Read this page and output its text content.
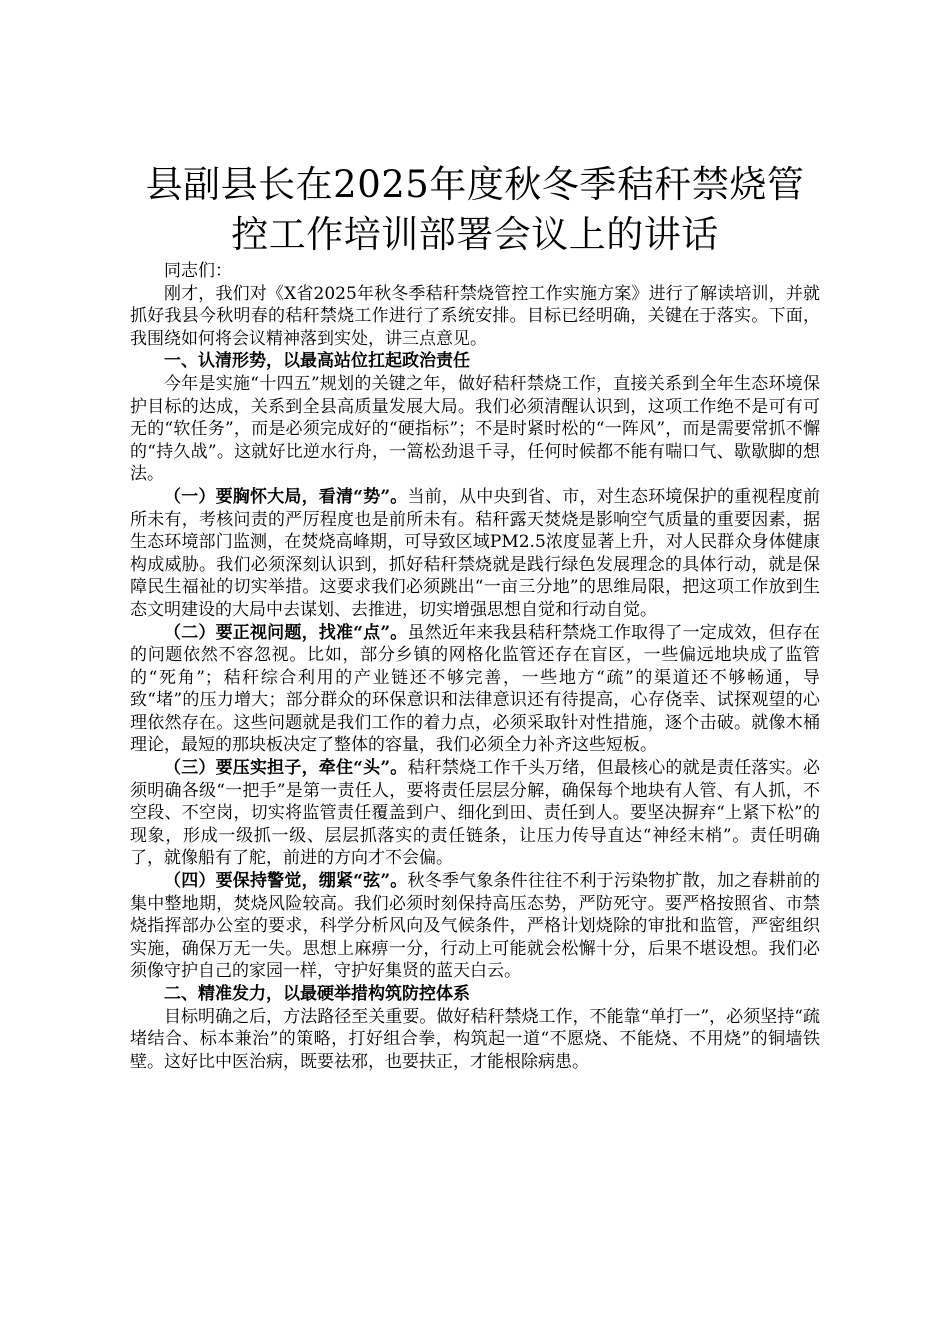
县副县长在2025年度秋冬季秸秆禁烧管控工作培训部署会议上的讲话

同志们：

刚才，我们对《X省2025年秋冬季秸秆禁烧管控工作实施方案》进行了解读培训，并就抓好我县今秋明春的秸秆禁烧工作进行了系统安排。目标已经明确，关键在于落实。下面，我围绕如何将会议精神落到实处，讲三点意见。

一、认清形势，以最高站位扛起政治责任

今年是实施“十四五”规划的关键之年，做好秸秆禁烧工作，直接关系到全年生态环境保护目标的达成，关系到全县高质量发展大局。我们必须清醒认识到，这项工作绝不是可有可无的“软任务”，而是必须完成好的“硬指标”；不是时紧时松的“一阵风”，而是需要常抓不懈的“持久战”。这就好比逆水行舟，一篙松劲退千寻，任何时候都不能有喘口气、歇歇脚的想法。

（一）要胸怀大局，看清“势”。当前，从中央到省、市，对生态环境保护的重视程度前所未有，考核问责的严厉程度也是前所未有。秸秆露天焚烧是影响空气质量的重要因素，据生态环境部门监测，在焚烧高峰期，可导致区域PM2.5浓度显著上升，对人民群众身体健康构成威胁。我们必须深刻认识到，抓好秸秆禁烧就是践行绿色发展理念的具体行动，就是保障民生福祉的切实举措。这要求我们必须跳出“一亩三分地”的思维局限，把这项工作放到生态文明建设的大局中去谋划、去推进，切实增强思想自觉和行动自觉。

（二）要正视问题，找准“点”。虽然近年来我县秸秆禁烧工作取得了一定成效，但存在的问题依然不容忽视。比如，部分乡镇的网格化监管还存在盲区，一些偏远地块成了监管的“死角”；秸秆综合利用的产业链还不够完善，一些地方“疏”的渠道还不够畅通，导致“堵”的压力增大；部分群众的环保意识和法律意识还有待提高，心存侥幸、试探观望的心理依然存在。这些问题就是我们工作的着力点，必须采取针对性措施，逐个击破。就像木桶理论，最短的那块板决定了整体的容量，我们必须全力补齐这些短板。

（三）要压实担子，牵住“头”。秸秆禁烧工作千头万绪，但最核心的就是责任落实。必须明确各级“一把手”是第一责任人，要将责任层层分解，确保每个地块有人管、有人抓，不空段、不空岗，切实将监管责任覆盖到户、细化到田、责任到人。要坚决摒弃“上紧下松”的现象，形成一级抓一级、层层抓落实的责任链条，让压力传导直达“神经末梢”。责任明确了，就像船有了舵，前进的方向才不会偏。

（四）要保持警觉，绷紧“弦”。秋冬季气象条件往往不利于污染物扩散，加之春耕前的集中整地期，焚烧风险较高。我们必须时刻保持高压态势，严防死守。要严格按照省、市禁烧指挥部办公室的要求，科学分析风向及气候条件，严格计划烧除的审批和监管，严密组织实施，确保万无一失。思想上麻痹一分，行动上可能就会松懈十分，后果不堪设想。我们必须像守护自己的家园一样，守护好集贤的蓝天白云。

二、精准发力，以最硬举措构筑防控体系

目标明确之后，方法路径至关重要。做好秸秆禁烧工作，不能靠“单打一”，必须坚持“疏堵结合、标本兼治”的策略，打好组合拳，构筑起一道“不愿烧、不能烧、不用烧”的铜墙铁壁。这好比中医治病，既要祛邪，也要扶正，才能根除病患。
